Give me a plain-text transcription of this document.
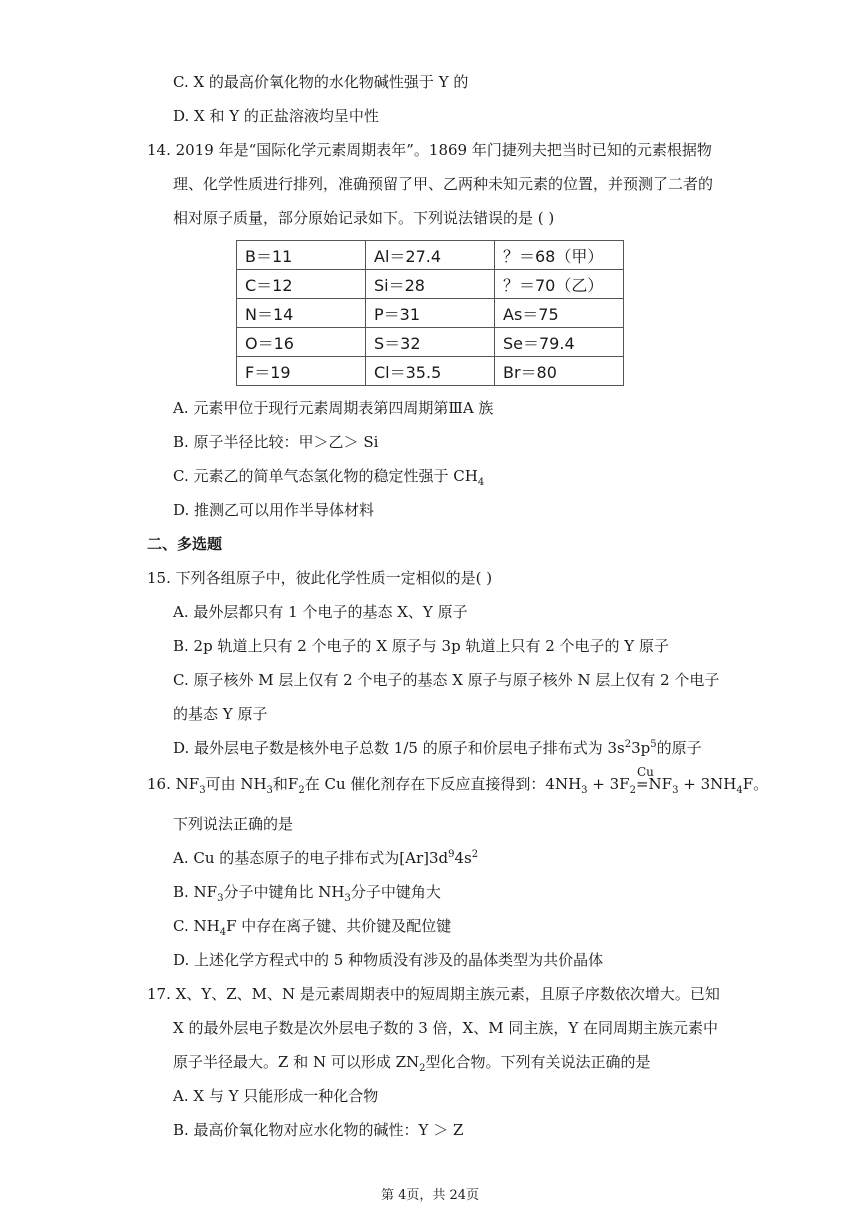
C. X 的最高价氧化物的水化物碱性强于 Y 的
D. X 和 Y 的正盐溶液均呈中性
14. 2019 年是“国际化学元素周期表年”。1869 年门捷列夫把当时已知的元素根据物
理、化学性质进行排列，准确预留了甲、乙两种未知元素的位置，并预测了二者的
相对原子质量，部分原始记录如下。下列说法错误的是 ( )
B＝11	Al＝27.4	？＝68（甲）
C＝12	Si＝28	？＝70（乙）
N＝14	P＝31	As＝75
O＝16	S＝32	Se＝79.4
F＝19	Cl＝35.5	Br＝80
A. 元素甲位于现行元素周期表第四周期第ⅢA 族
B. 原子半径比较：甲＞乙＞ Si
C. 元素乙的简单气态氢化物的稳定性强于 $CH_4$
D. 推测乙可以用作半导体材料
二、多选题
15. 下列各组原子中，彼此化学性质一定相似的是( )
A. 最外层都只有 1 个电子的基态 X、Y 原子
B. 2p 轨道上只有 2 个电子的 X 原子与 3p 轨道上只有 2 个电子的 Y 原子
C. 原子核外 M 层上仅有 2 个电子的基态 X 原子与原子核外 N 层上仅有 2 个电子
的基态 Y 原子
D. 最外层电子数是核外电子总数 1/5 的原子和价层电子排布式为 $3s^23p^5$的原子
16. $NF_3$可由 $NH_3$和$F_2$在 Cu 催化剂存在下反应直接得到：$4NH_3 + 3F_2$
Cu
$=NF_3 + 3NH_4F$。
下列说法正确的是
A. Cu 的基态原子的电子排布式为$[Ar]3d^94s^2$
B. $NF_3$分子中键角比 $NH_3$分子中键角大
C. $NH_4F$ 中存在离子键、共价键及配位键
D. 上述化学方程式中的 5 种物质没有涉及的晶体类型为共价晶体
17. X、Y、Z、M、N 是元素周期表中的短周期主族元素，且原子序数依次增大。已知
X 的最外层电子数是次外层电子数的 3 倍，X、M 同主族，Y 在同周期主族元素中
原子半径最大。Z 和 N 可以形成 $ZN_2$型化合物。下列有关说法正确的是
A. X 与 Y 只能形成一种化合物
B. 最高价氧化物对应水化物的碱性：Y ＞ Z
第 4页，共 24页
